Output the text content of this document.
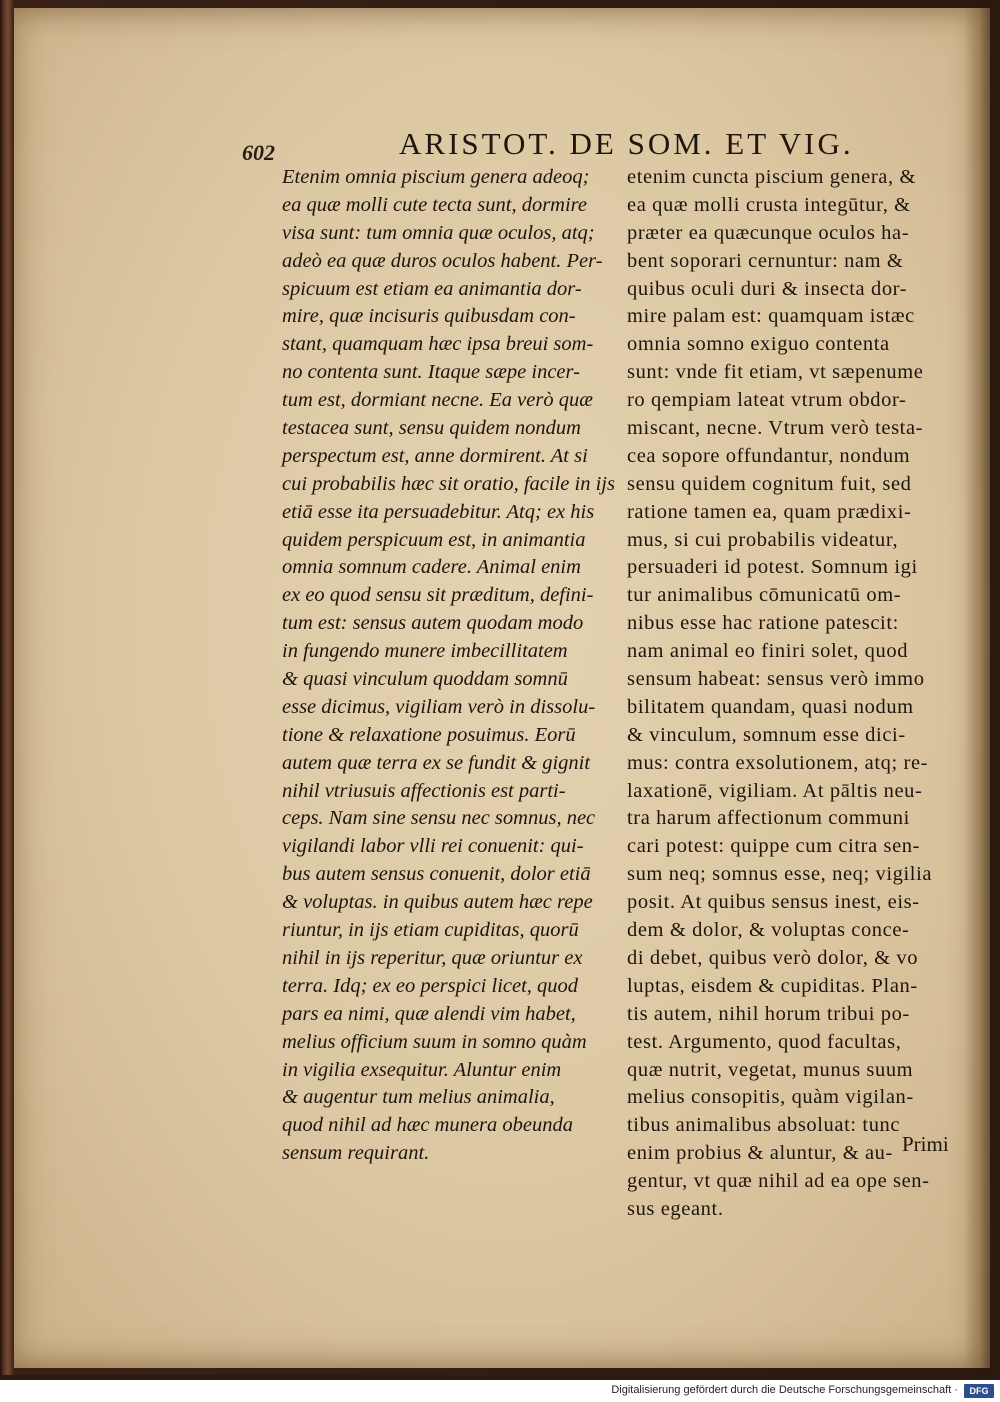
602	ARISTOT. DE SOM. ET VIG.
Etenim omnia piscium genera adeoq;
ea quæ molli cute tecta sunt, dormire
visa sunt: tum omnia quæ oculos, atq;
adeò ea quæ duros oculos habent. Per-
spicuum est etiam ea animantia dor-
mire, quæ incisuris quibusdam con-
stant, quamquam hæc ipsa breui som-
no contenta sunt. Itaque sæpe incer-
tum est, dormiant necne. Ea verò quæ
testacea sunt, sensu quidem nondum
perspectum est, anne dormirent. At si
cui probabilis hæc sit oratio, facile in ijs
etiā esse ita persuadebitur. Atq; ex his
quidem perspicuum est, in animantia
omnia somnum cadere. Animal enim
ex eo quod sensu sit præditum, defini-
tum est: sensus autem quodam modo
in fungendo munere imbecillitatem
& quasi vinculum quoddam somnū
esse dicimus, vigiliam verò in dissolu-
tione & relaxatione posuimus. Eorū
autem quæ terra ex se fundit & gignit
nihil vtriusuis affectionis est parti-
ceps. Nam sine sensu nec somnus, nec
vigilandi labor vlli rei conuenit: qui-
bus autem sensus conuenit, dolor etiā
& voluptas. in quibus autem hæc repe
riuntur, in ijs etiam cupiditas, quorū
nihil in ijs reperitur, quæ oriuntur ex
terra. Idq; ex eo perspici licet, quod
pars ea nimi, quæ alendi vim habet,
melius officium suum in somno quàm
in vigilia exsequitur. Aluntur enim
& augentur tum melius animalia,
quod nihil ad hæc munera obeunda
sensum requirant.
etenim cuncta piscium genera, &
ea quæ molli crusta integūtur, &
præter ea quæcunque oculos ha-
bent soporari cernuntur: nam &
quibus oculi duri & insecta dor-
mire palam est: quamquam istæc
omnia somno exiguo contenta
sunt: vnde fit etiam, vt sæpenume
ro qempiam lateat vtrum obdor-
miscant, necne. Vtrum verò testa-
cea sopore offundantur, nondum
sensu quidem cognitum fuit, sed
ratione tamen ea, quam prædixi-
mus, si cui probabilis videatur,
persuaderi id potest. Somnum igi
tur animalibus cōmunicatū om-
nibus esse hac ratione patescit:
nam animal eo finiri solet, quod
sensum habeat: sensus verò immo
bilitatem quandam, quasi nodum
& vinculum, somnum esse dici-
mus: contra exsolutionem, atq; re-
laxationē, vigiliam. At pāltis neu-
tra harum affectionum communi
cari potest: quippe cum citra sen-
sum neq; somnus esse, neq; vigilia
posit. At quibus sensus inest, eis-
dem & dolor, & voluptas conce-
di debet, quibus verò dolor, & vo
luptas, eisdem & cupiditas. Plan-
tis autem, nihil horum tribui po-
test. Argumento, quod facultas,
quæ nutrit, vegetat, munus suum
melius consopitis, quàm vigilan-
tibus animalibus absoluat: tunc
enim probius & aluntur, & au-
gentur, vt quæ nihil ad ea ope sen-
sus egeant.
Primi
Digitalisierung gefördert durch die Deutsche Forschungsgemeinschaft ·	DFG
